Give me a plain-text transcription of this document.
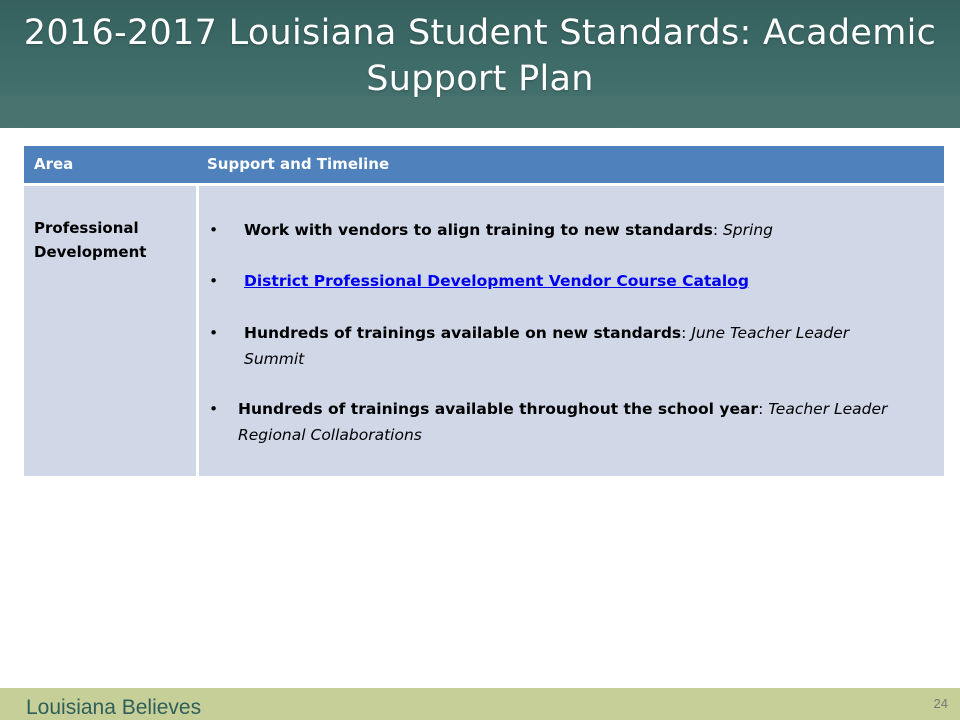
2016-2017 Louisiana Student Standards: Academic
Support Plan
Area	Support and Timeline
Professional Development
• Work with vendors to align training to new standards: Spring
• District Professional Development Vendor Course Catalog
• Hundreds of trainings available on new standards: June Teacher Leader Summit
• Hundreds of trainings available throughout the school year: Teacher Leader Regional Collaborations
Louisiana Believes	24
